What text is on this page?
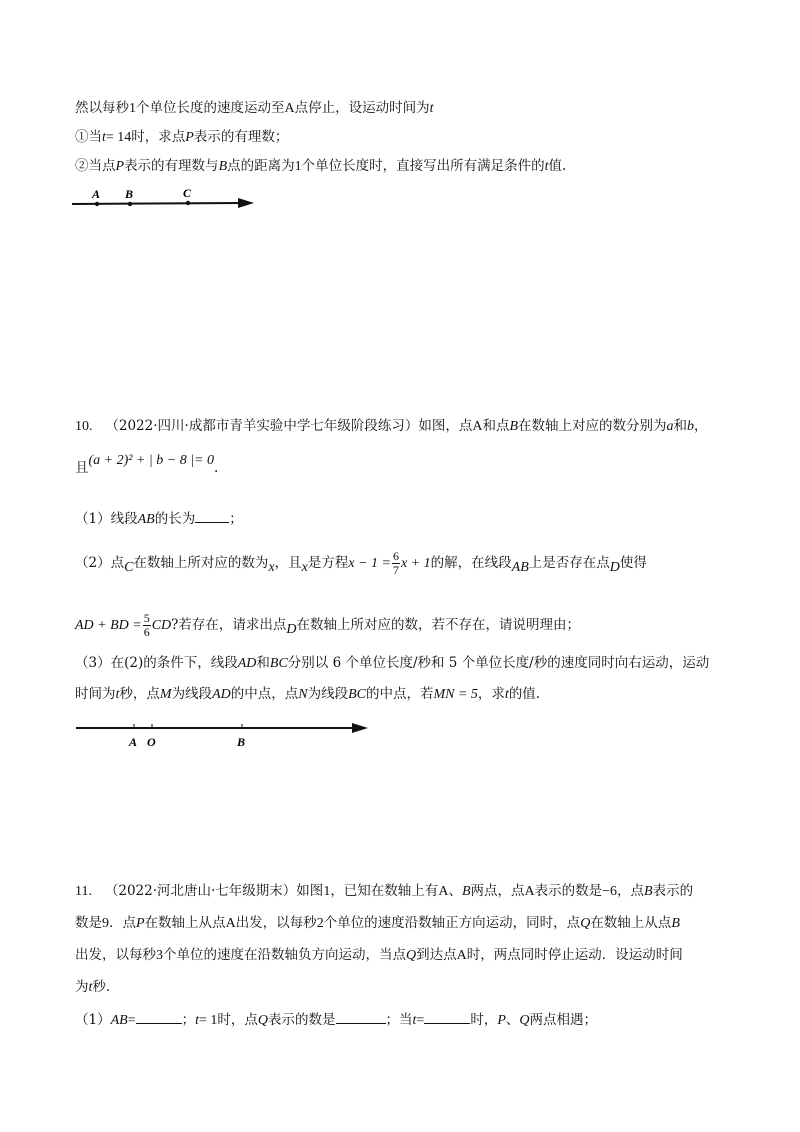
然以每秒1个单位长度的速度运动至A点停止，设运动时间为t
①当t= 14时，求点P表示的有理数；
②当点P表示的有理数与B点的距离为1个单位长度时，直接写出所有满足条件的t值.
A B	C
10. （2022·四川·成都市青羊实验中学七年级阶段练习）如图，点A和点B在数轴上对应的数分别为a和b，
且(a + 2)² + | b − 8 |= 0.
（1）线段AB的长为	；
（2）点C在数轴上所对应的数为x，且x是方程$x - 1 = \frac{6}{7}$ x + 1的解，在线段AB上是否存在点D使得
AD + BD = $\frac{5}{6}$ CD?若存在，请求出点D在数轴上所对应的数，若不存在，请说明理由；
（3）在(2)的条件下，线段AD和BC分别以 6 个单位长度/秒和 5 个单位长度/秒的速度同时向右运动，运动
时间为t秒，点M为线段AD的中点，点N为线段BC的中点，若MN = 5，求t的值.
A O	B
11. （2022·河北唐山·七年级期末）如图1，已知在数轴上有A、B两点，点A表示的数是−6，点B表示的
数是9．点P在数轴上从点A出发，以每秒2个单位的速度沿数轴正方向运动，同时，点Q在数轴上从点B
出发，以每秒3个单位的速度在沿数轴负方向运动，当点Q到达点A时，两点同时停止运动．设运动时间
为t秒.
（1）AB=	；t= 1时，点Q表示的数是	；当t=	时，P、Q两点相遇；
